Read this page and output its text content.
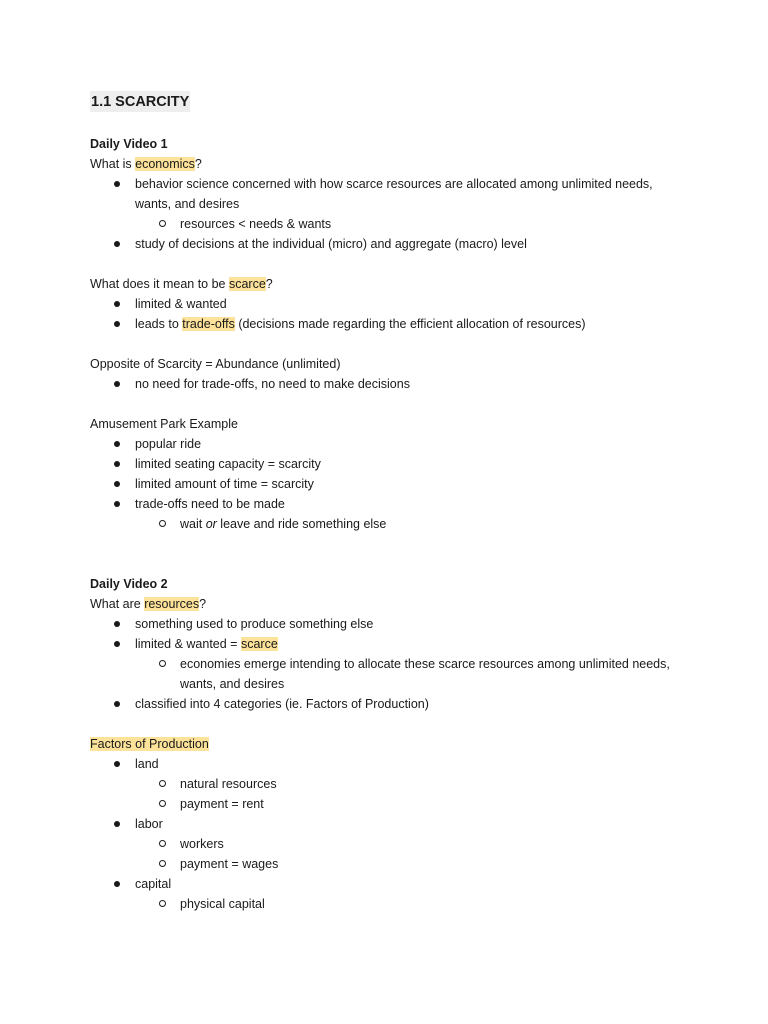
1.1 SCARCITY
Daily Video 1
What is economics?
behavior science concerned with how scarce resources are allocated among unlimited needs,
wants, and desires
resources < needs & wants
study of decisions at the individual (micro) and aggregate (macro) level
What does it mean to be scarce?
limited & wanted
leads to trade-offs (decisions made regarding the efficient allocation of resources)
Opposite of Scarcity = Abundance (unlimited)
no need for trade-offs, no need to make decisions
Amusement Park Example
popular ride
limited seating capacity = scarcity
limited amount of time = scarcity
trade-offs need to be made
wait or leave and ride something else
Daily Video 2
What are resources?
something used to produce something else
limited & wanted = scarce
economies emerge intending to allocate these scarce resources among unlimited needs,
wants, and desires
classified into 4 categories (ie. Factors of Production)
Factors of Production
land
natural resources
payment = rent
labor
workers
payment = wages
capital
physical capital
